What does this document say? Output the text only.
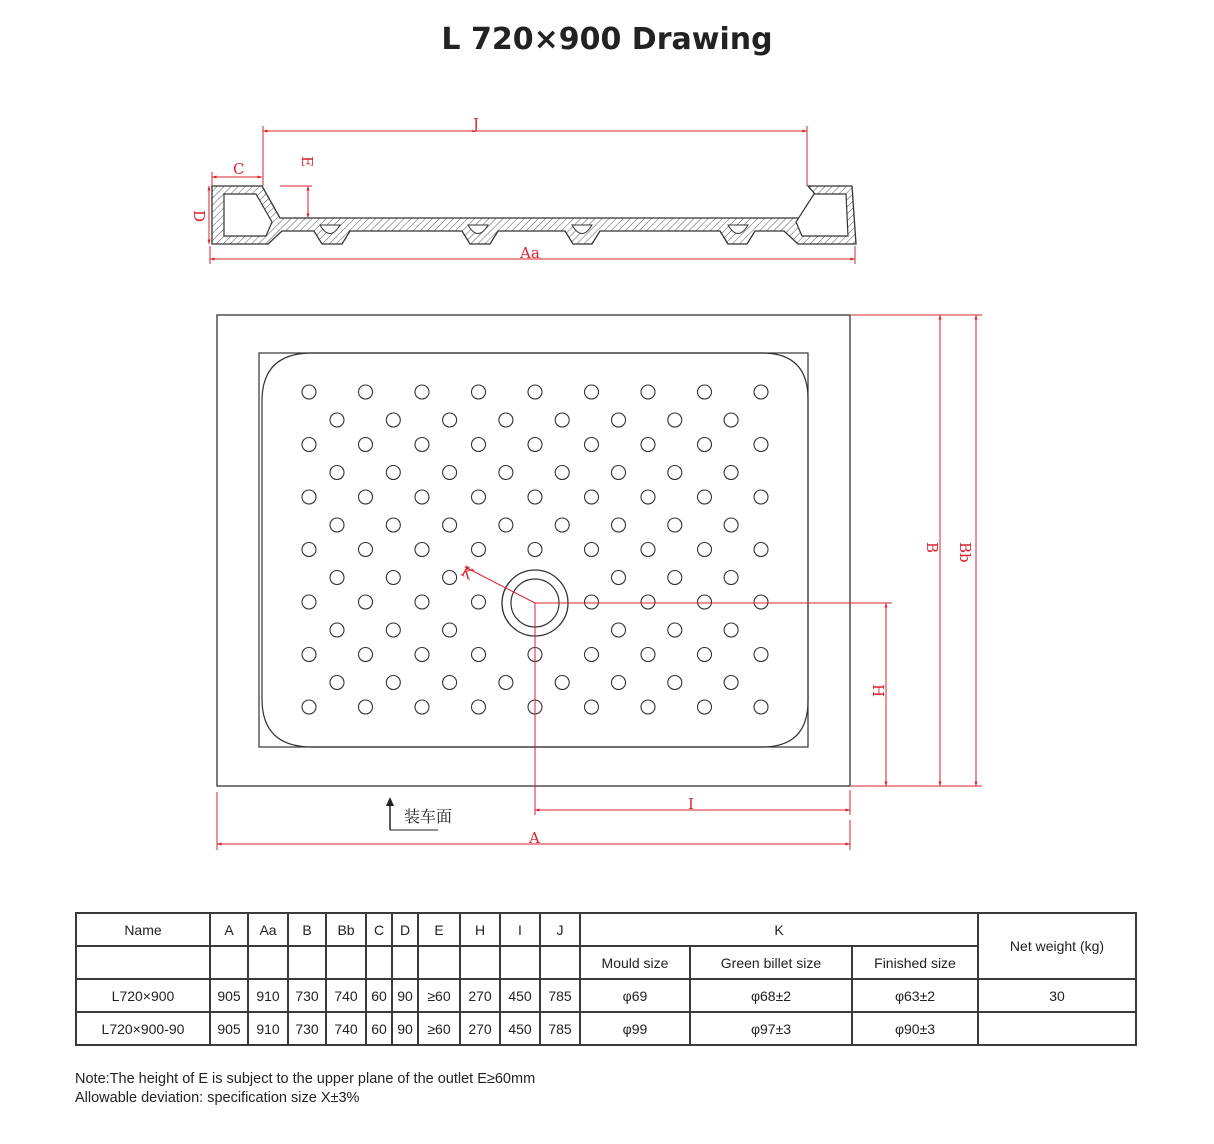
L 720×900 Drawing
J
C	E
D
Aa
K
H
B Bb
I
A
装车面
Name	A	Aa	B	Bb	C	D	E	H	I	J	K			Net weight (kg)
											Mould size	Green billet size	Finished size	
L720×900	905	910	730	740	60	90	≥60	270	450	785	φ69	φ68±2	φ63±2	30
L720×900-90	905	910	730	740	60	90	≥60	270	450	785	φ99	φ97±3	φ90±3	
Note:The height of E is subject to the upper plane of the outlet E≥60mm
Allowable deviation: specification size X±3%
